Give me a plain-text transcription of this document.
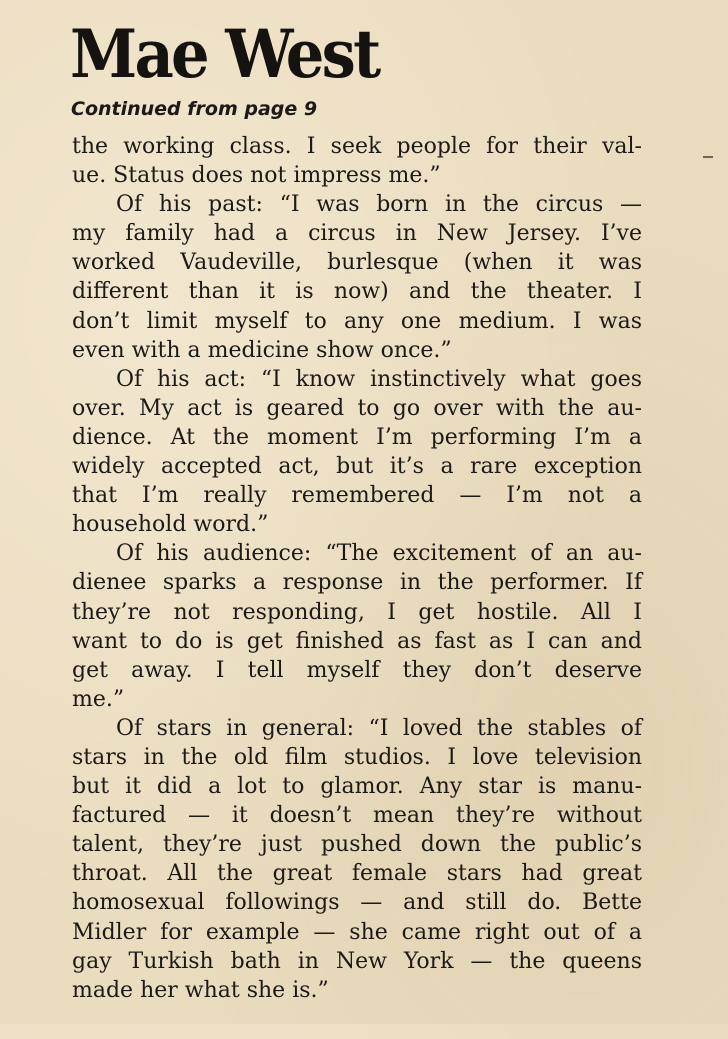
Mae West

Continued from page 9

the working class. I seek people for their val-
ue. Status does not impress me.”
Of his past: “I was born in the circus —
my family had a circus in New Jersey. I’ve
worked Vaudeville, burlesque (when it was
different than it is now) and the theater. I
don’t limit myself to any one medium. I was
even with a medicine show once.”
Of his act: “I know instinctively what goes
over. My act is geared to go over with the au-
dience. At the moment I’m performing I’m a
widely accepted act, but it’s a rare exception
that I’m really remembered — I’m not a
household word.”
Of his audience: “The excitement of an au-
dienee sparks a response in the performer. If
they’re not responding, I get hostile. All I
want to do is get finished as fast as I can and
get away. I tell myself they don’t deserve
me.”
Of stars in general: “I loved the stables of
stars in the old film studios. I love television
but it did a lot to glamor. Any star is manu-
factured — it doesn’t mean they’re without
talent, they’re just pushed down the public’s
throat. All the great female stars had great
homosexual followings — and still do. Bette
Midler for example — she came right out of a
gay Turkish bath in New York — the queens
made her what she is.”
